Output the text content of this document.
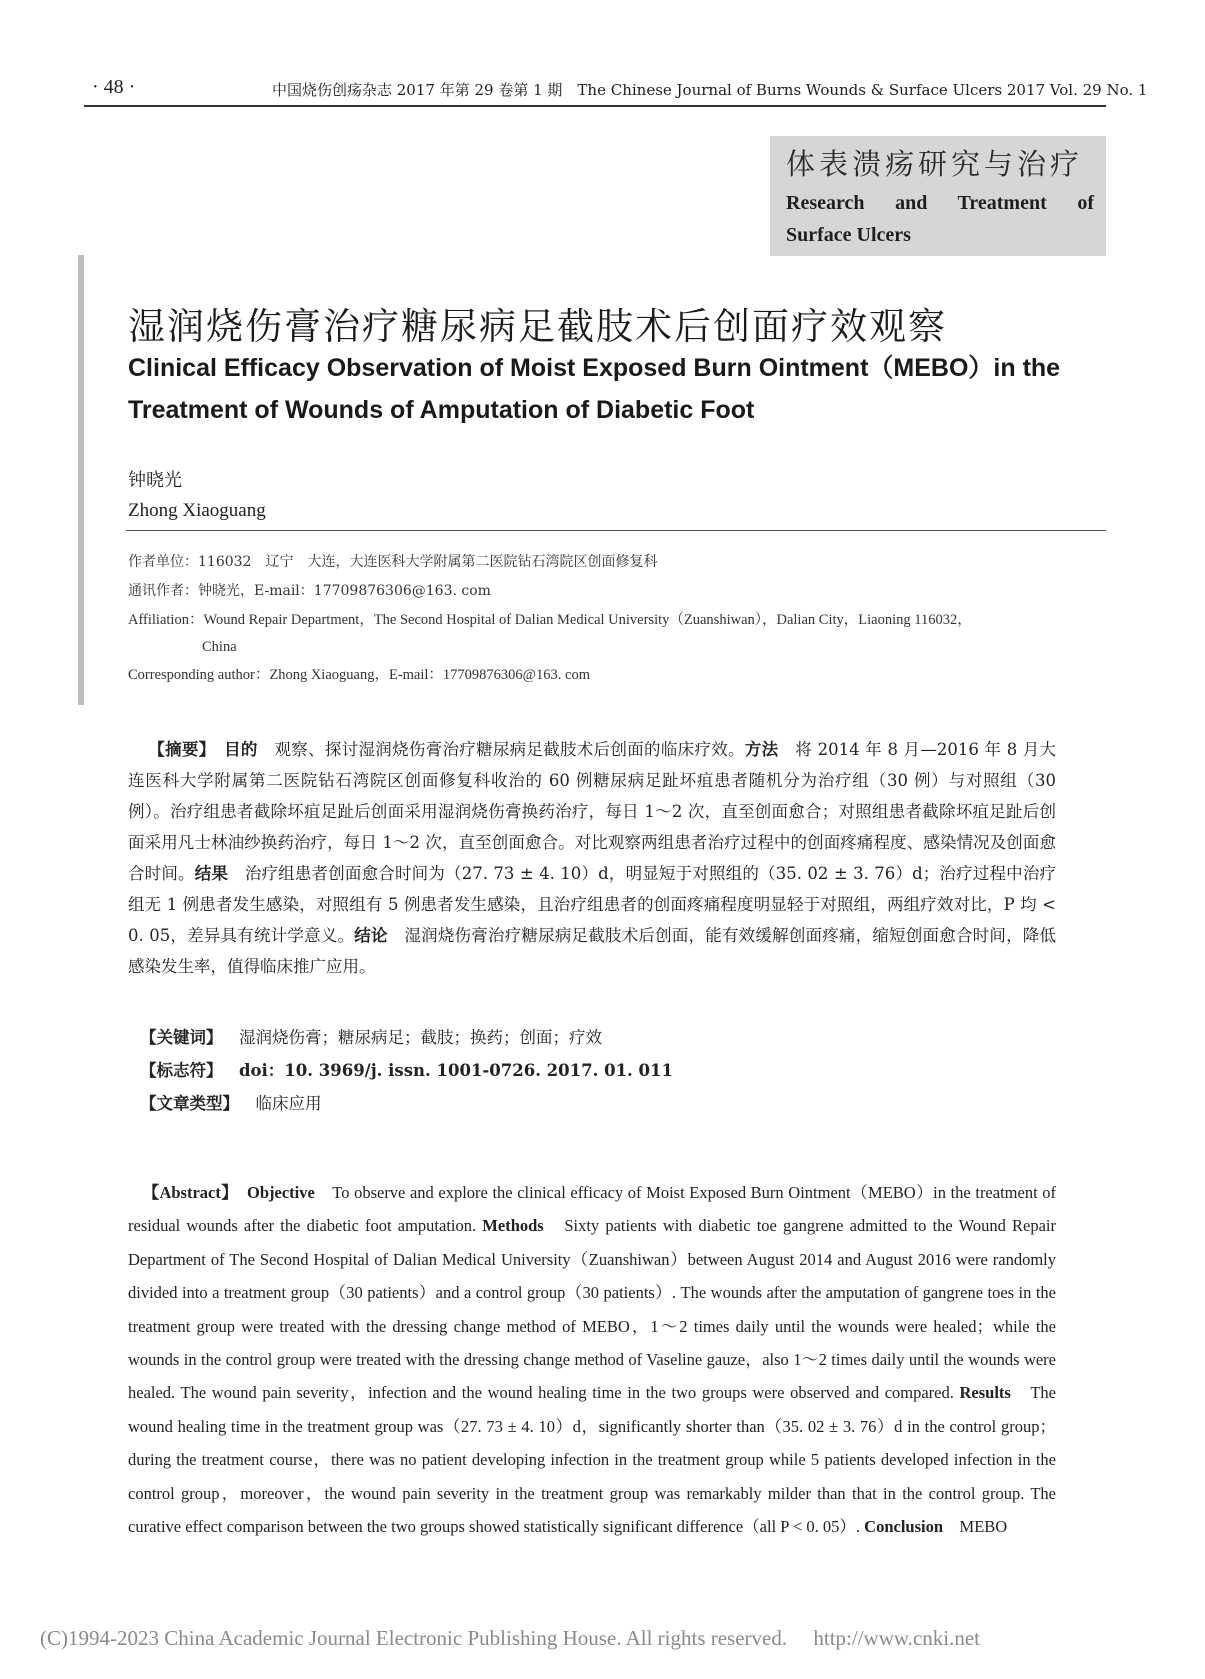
· 48 ·	中国烧伤创疡杂志 2017 年第 29 卷第 1 期　The Chinese Journal of Burns Wounds & Surface Ulcers 2017 Vol. 29 No. 1
体表溃疡研究与治疗
Research and Treatment of
Surface Ulcers
湿润烧伤膏治疗糖尿病足截肢术后创面疗效观察
Clinical Efficacy Observation of Moist Exposed Burn Ointment（MEBO）in the Treatment of Wounds of Amputation of Diabetic Foot
钟晓光
Zhong Xiaoguang
作者单位：116032　辽宁　大连，大连医科大学附属第二医院钻石湾院区创面修复科
通讯作者：钟晓光，E-mail：17709876306@163. com
Affiliation：Wound Repair Department，The Second Hospital of Dalian Medical University（Zuanshiwan），Dalian City，Liaoning 116032，
China
Corresponding author：Zhong Xiaoguang，E-mail：17709876306@163. com
【摘要】　 目的　 观察、探讨湿润烧伤膏治疗糖尿病足截肢术后创面的临床疗效。方法　 将 2014 年 8 月—2016 年 8 月大连医科大学附属第二医院钻石湾院区创面修复科收治的 60 例糖尿病足趾坏疽患者随机分为治疗组（30 例）与对照组（30 例）。治疗组患者截除坏疽足趾后创面采用湿润烧伤膏换药治疗，每日 1～2 次，直至创面愈合；对照组患者截除坏疽足趾后创面采用凡士林油纱换药治疗，每日 1～2 次，直至创面愈合。对比观察两组患者治疗过程中的创面疼痛程度、感染情况及创面愈合时间。结果　 治疗组患者创面愈合时间为（27. 73 ± 4. 10）d，明显短于对照组的（35. 02 ± 3. 76）d；治疗过程中治疗组无 1 例患者发生感染，对照组有 5 例患者发生感染，且治疗组患者的创面疼痛程度明显轻于对照组，两组疗效对比，P 均 < 0. 05，差异具有统计学意义。结论　 湿润烧伤膏治疗糖尿病足截肢术后创面，能有效缓解创面疼痛，缩短创面愈合时间，降低感染发生率，值得临床推广应用。
【关键词】　 湿润烧伤膏；糖尿病足；截肢；换药；创面；疗效
【标志符】　 doi：10. 3969/j. issn. 1001-0726. 2017. 01. 011
【文章类型】　 临床应用
【Abstract】　 Objective　 To observe and explore the clinical efficacy of Moist Exposed Burn Ointment（MEBO）in the treatment of residual wounds after the diabetic foot amputation. Methods　 Sixty patients with diabetic toe gangrene admitted to the Wound Repair Department of The Second Hospital of Dalian Medical University（Zuanshiwan）between August 2014 and August 2016 were randomly divided into a treatment group（30 patients）and a control group（30 patients）. The wounds after the amputation of gangrene toes in the treatment group were treated with the dressing change method of MEBO，1～2 times daily until the wounds were healed；while the wounds in the control group were treated with the dressing change method of Vaseline gauze，also 1～2 times daily until the wounds were healed. The wound pain severity，infection and the wound healing time in the two groups were observed and compared. Results　 The wound healing time in the treatment group was（27. 73 ± 4. 10）d，significantly shorter than（35. 02 ± 3. 76）d in the control group；during the treatment course，there was no patient developing infection in the treatment group while 5 patients developed infection in the control group，moreover，the wound pain severity in the treatment group was remarkably milder than that in the control group. The curative effect comparison between the two groups showed statistically significant difference（all P < 0. 05）. Conclusion　 MEBO
(C)1994-2023 China Academic Journal Electronic Publishing House. All rights reserved.　 http://www.cnki.net
